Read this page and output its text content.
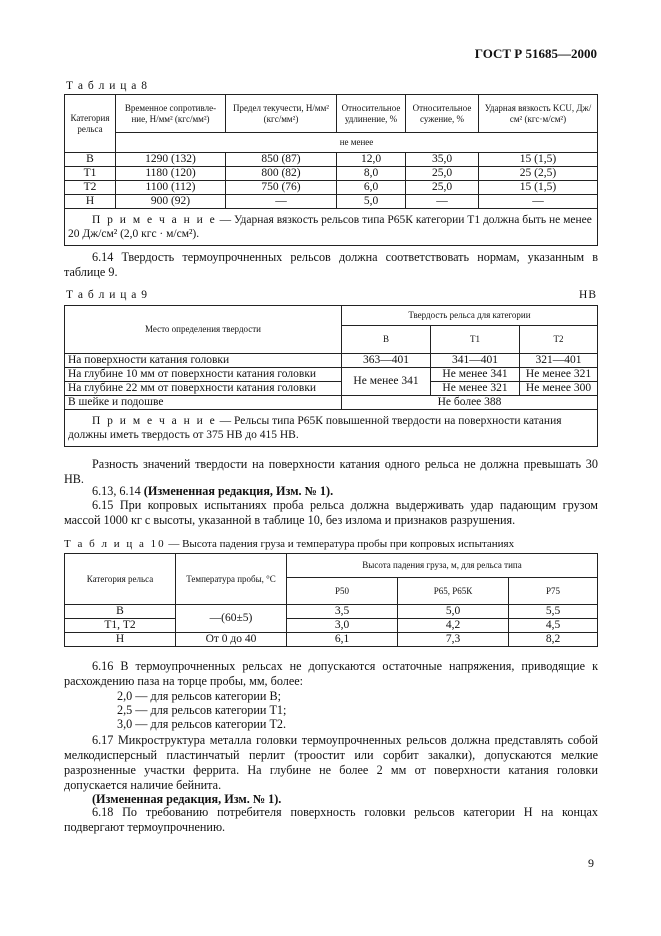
ГОСТ Р 51685—2000
Т а б л и ц а 8
Категория рельса	Временное сопротивле-ние, Н/мм² (кгс/мм²)	Предел текучести, Н/мм² (кгс/мм²)	Относительное удлинение, %	Относительное сужение, %	Ударная вязкость KCU, Дж/см² (кгс·м/см²)
	не менее				
В	1290 (132)	850 (87)	12,0	35,0	15 (1,5)
Т1	1180 (120)	800 (82)	8,0	25,0	25 (2,5)
Т2	1100 (112)	750 (76)	6,0	25,0	15 (1,5)
Н	900 (92)	—	5,0	—	—
П р и м е ч а н и е — Ударная вязкость рельсов типа Р65К категории Т1 должна быть не менее 20 Дж/см² (2,0 кгс · м/см²).					
6.14 Твердость термоупрочненных рельсов должна соответствовать нормам, указанным в таблице 9.
Т а б л и ц а 9	НВ
Место определения твердости	Твердость рельса для категории		
	В	Т1	Т2
На поверхности катания головки	363—401	341—401	321—401
На глубине 10 мм от поверхности катания головки	Не менее 341	Не менее 341	Не менее 321
На глубине 22 мм от поверхности катания головки		Не менее 321	Не менее 300
В шейке и подошве	Не более 388		
П р и м е ч а н и е — Рельсы типа Р65К повышенной твердости на поверхности катания должны иметь твердость от 375 НВ до 415 НВ.			
Разность значений твердости на поверхности катания одного рельса не должна превышать 30 НВ.
6.13, 6.14 (Измененная редакция, Изм. № 1).
6.15 При копровых испытаниях проба рельса должна выдерживать удар падающим грузом массой 1000 кг с высоты, указанной в таблице 10, без излома и признаков разрушения.
Т а б л и ц а 10 — Высота падения груза и температура пробы при копровых испытаниях
Категория рельса	Температура пробы, °С	Высота падения груза, м, для рельса типа		
		Р50	Р65, Р65К	Р75
В	—(60±5)	3,5	5,0	5,5
Т1, Т2		3,0	4,2	4,5
Н	От 0 до 40	6,1	7,3	8,2
6.16 В термоупрочненных рельсах не допускаются остаточные напряжения, приводящие к расхождению паза на торце пробы, мм, более:
2,0 — для рельсов категории В;
2,5 — для рельсов категории Т1;
3,0 — для рельсов категории Т2.
6.17 Микроструктура металла головки термоупрочненных рельсов должна представлять собой мелкодисперсный пластинчатый перлит (троостит или сорбит закалки), допускаются мелкие разрозненные участки феррита. На глубине не более 2 мм от поверхности катания головки допускается наличие бейнита.
(Измененная редакция, Изм. № 1).
6.18 По требованию потребителя поверхность головки рельсов категории Н на концах подвергают термоупрочнению.
9
